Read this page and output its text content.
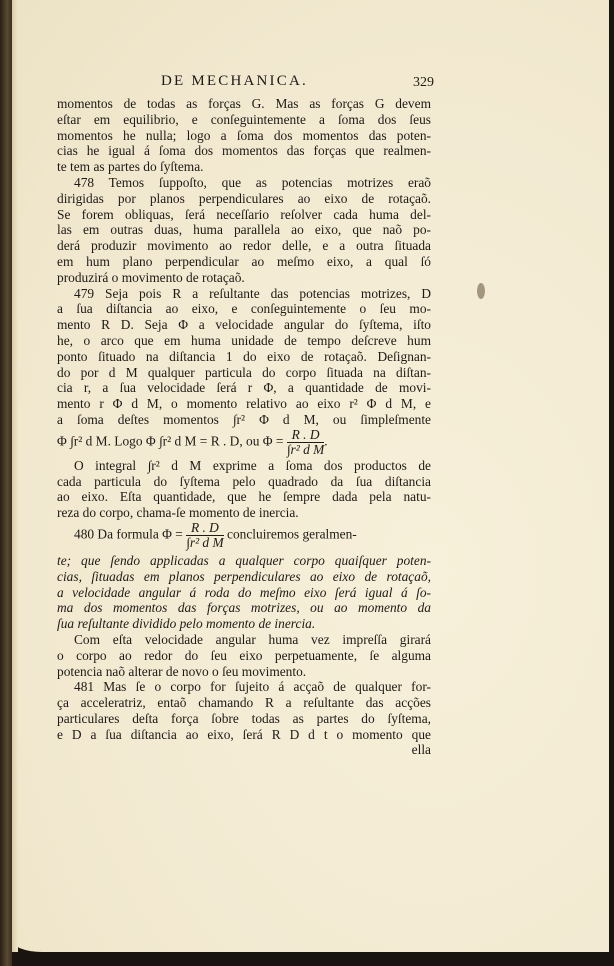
DE MECHANICA.	329

momentos de todas as forças G. Mas as forças G devem

eſtar em equilibrio, e conſeguintemente a ſoma dos ſeus

momentos he nulla; logo a ſoma dos momentos das poten-

cias he igual á ſoma dos momentos das forças que realmen-

te tem as partes do ſyſtema.

478 Temos ſuppoſto, que as potencias motrizes eraõ

dirigidas por planos perpendiculares ao eixo de rotaçaõ.

Se forem obliquas, ſerá neceſſario reſolver cada huma del-

las em outras duas, huma parallela ao eixo, que naõ po-

derá produzir movimento ao redor delle, e a outra ſituada

em hum plano perpendicular ao meſmo eixo, a qual ſó

produzirá o movimento de rotaçaõ.

479 Seja pois R a reſultante das potencias motrizes, D

a ſua diſtancia ao eixo, e conſeguintemente o ſeu mo-

mento R D. Seja Φ a velocidade angular do ſyſtema, iſto

he, o arco que em huma unidade de tempo deſcreve hum

ponto ſituado na diſtancia 1 do eixo de rotaçaõ. Deſignan-

do por d M qualquer particula do corpo ſituada na diſtan-

cia r, a ſua velocidade ſerá r Φ, a quantidade de movi-

mento r Φ d M, o momento relativo ao eixo r² Φ d M, e

a ſoma deſtes momentos ∫r² Φ d M, ou ſimpleſmente

Φ ∫r² d M. Logo Φ ∫r² d M = R . D, ou $\Phi = \frac{R . D}{\text{∫r² d M}}$ .

O integral ∫r² d M exprime a ſoma dos productos de

cada particula do ſyſtema pelo quadrado da ſua diſtancia

ao eixo. Eſta quantidade, que he ſempre dada pela natu-

reza do corpo, chama-ſe momento de inercia.

480 Da formula $\Phi = \frac{R . D}{\text{∫r² d M}}$ concluiremos geralmen-

te; que ſendo applicadas a qualquer corpo quaiſquer poten-

cias, ſituadas em planos perpendiculares ao eixo de rotaçaõ,

a velocidade angular á roda do meſmo eixo ſerá igual á ſo-

ma dos momentos das forças motrizes, ou ao momento da

ſua reſultante dividido pelo momento de inercia.

Com eſta velocidade angular huma vez impreſſa girará

o corpo ao redor do ſeu eixo perpetuamente, ſe alguma

potencia naõ alterar de novo o ſeu movimento.

481 Mas ſe o corpo for ſujeito á acçaõ de qualquer for-

ça acceleratriz, entaõ chamando R a reſultante das acções

particulares deſta força ſobre todas as partes do ſyſtema,

e D a ſua diſtancia ao eixo, ſerá R D d t o momento que

ella
